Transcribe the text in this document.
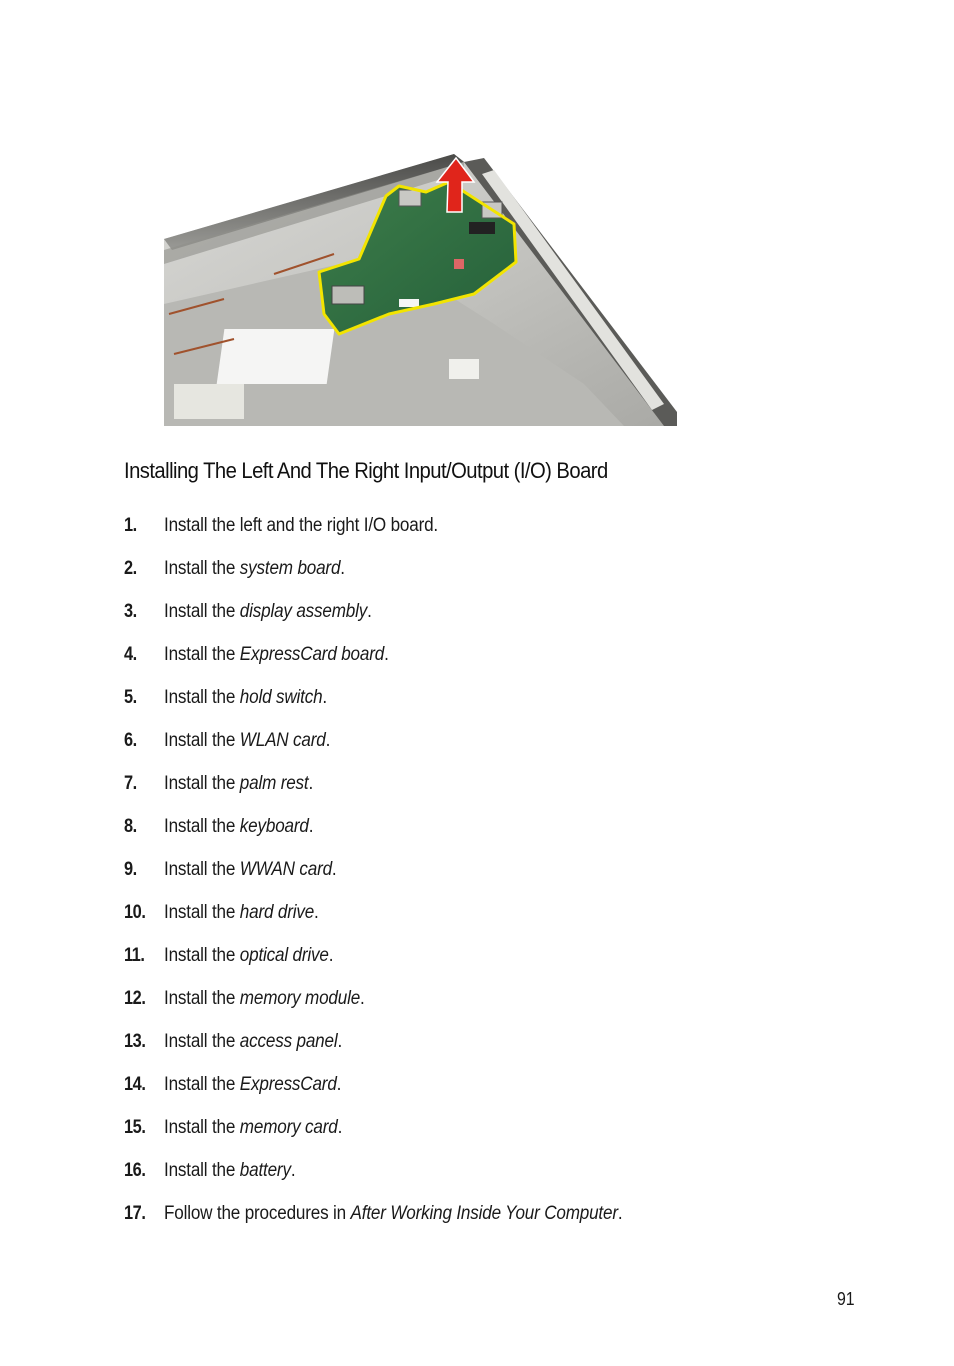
Installing The Left And The Right Input/Output (I/O) Board
1. Install the left and the right I/O board.
2. Install the system board.
3. Install the display assembly.
4. Install the ExpressCard board.
5. Install the hold switch.
6. Install the WLAN card.
7. Install the palm rest.
8. Install the keyboard.
9. Install the WWAN card.
10. Install the hard drive.
11. Install the optical drive.
12. Install the memory module.
13. Install the access panel.
14. Install the ExpressCard.
15. Install the memory card.
16. Install the battery.
17. Follow the procedures in After Working Inside Your Computer.
91
